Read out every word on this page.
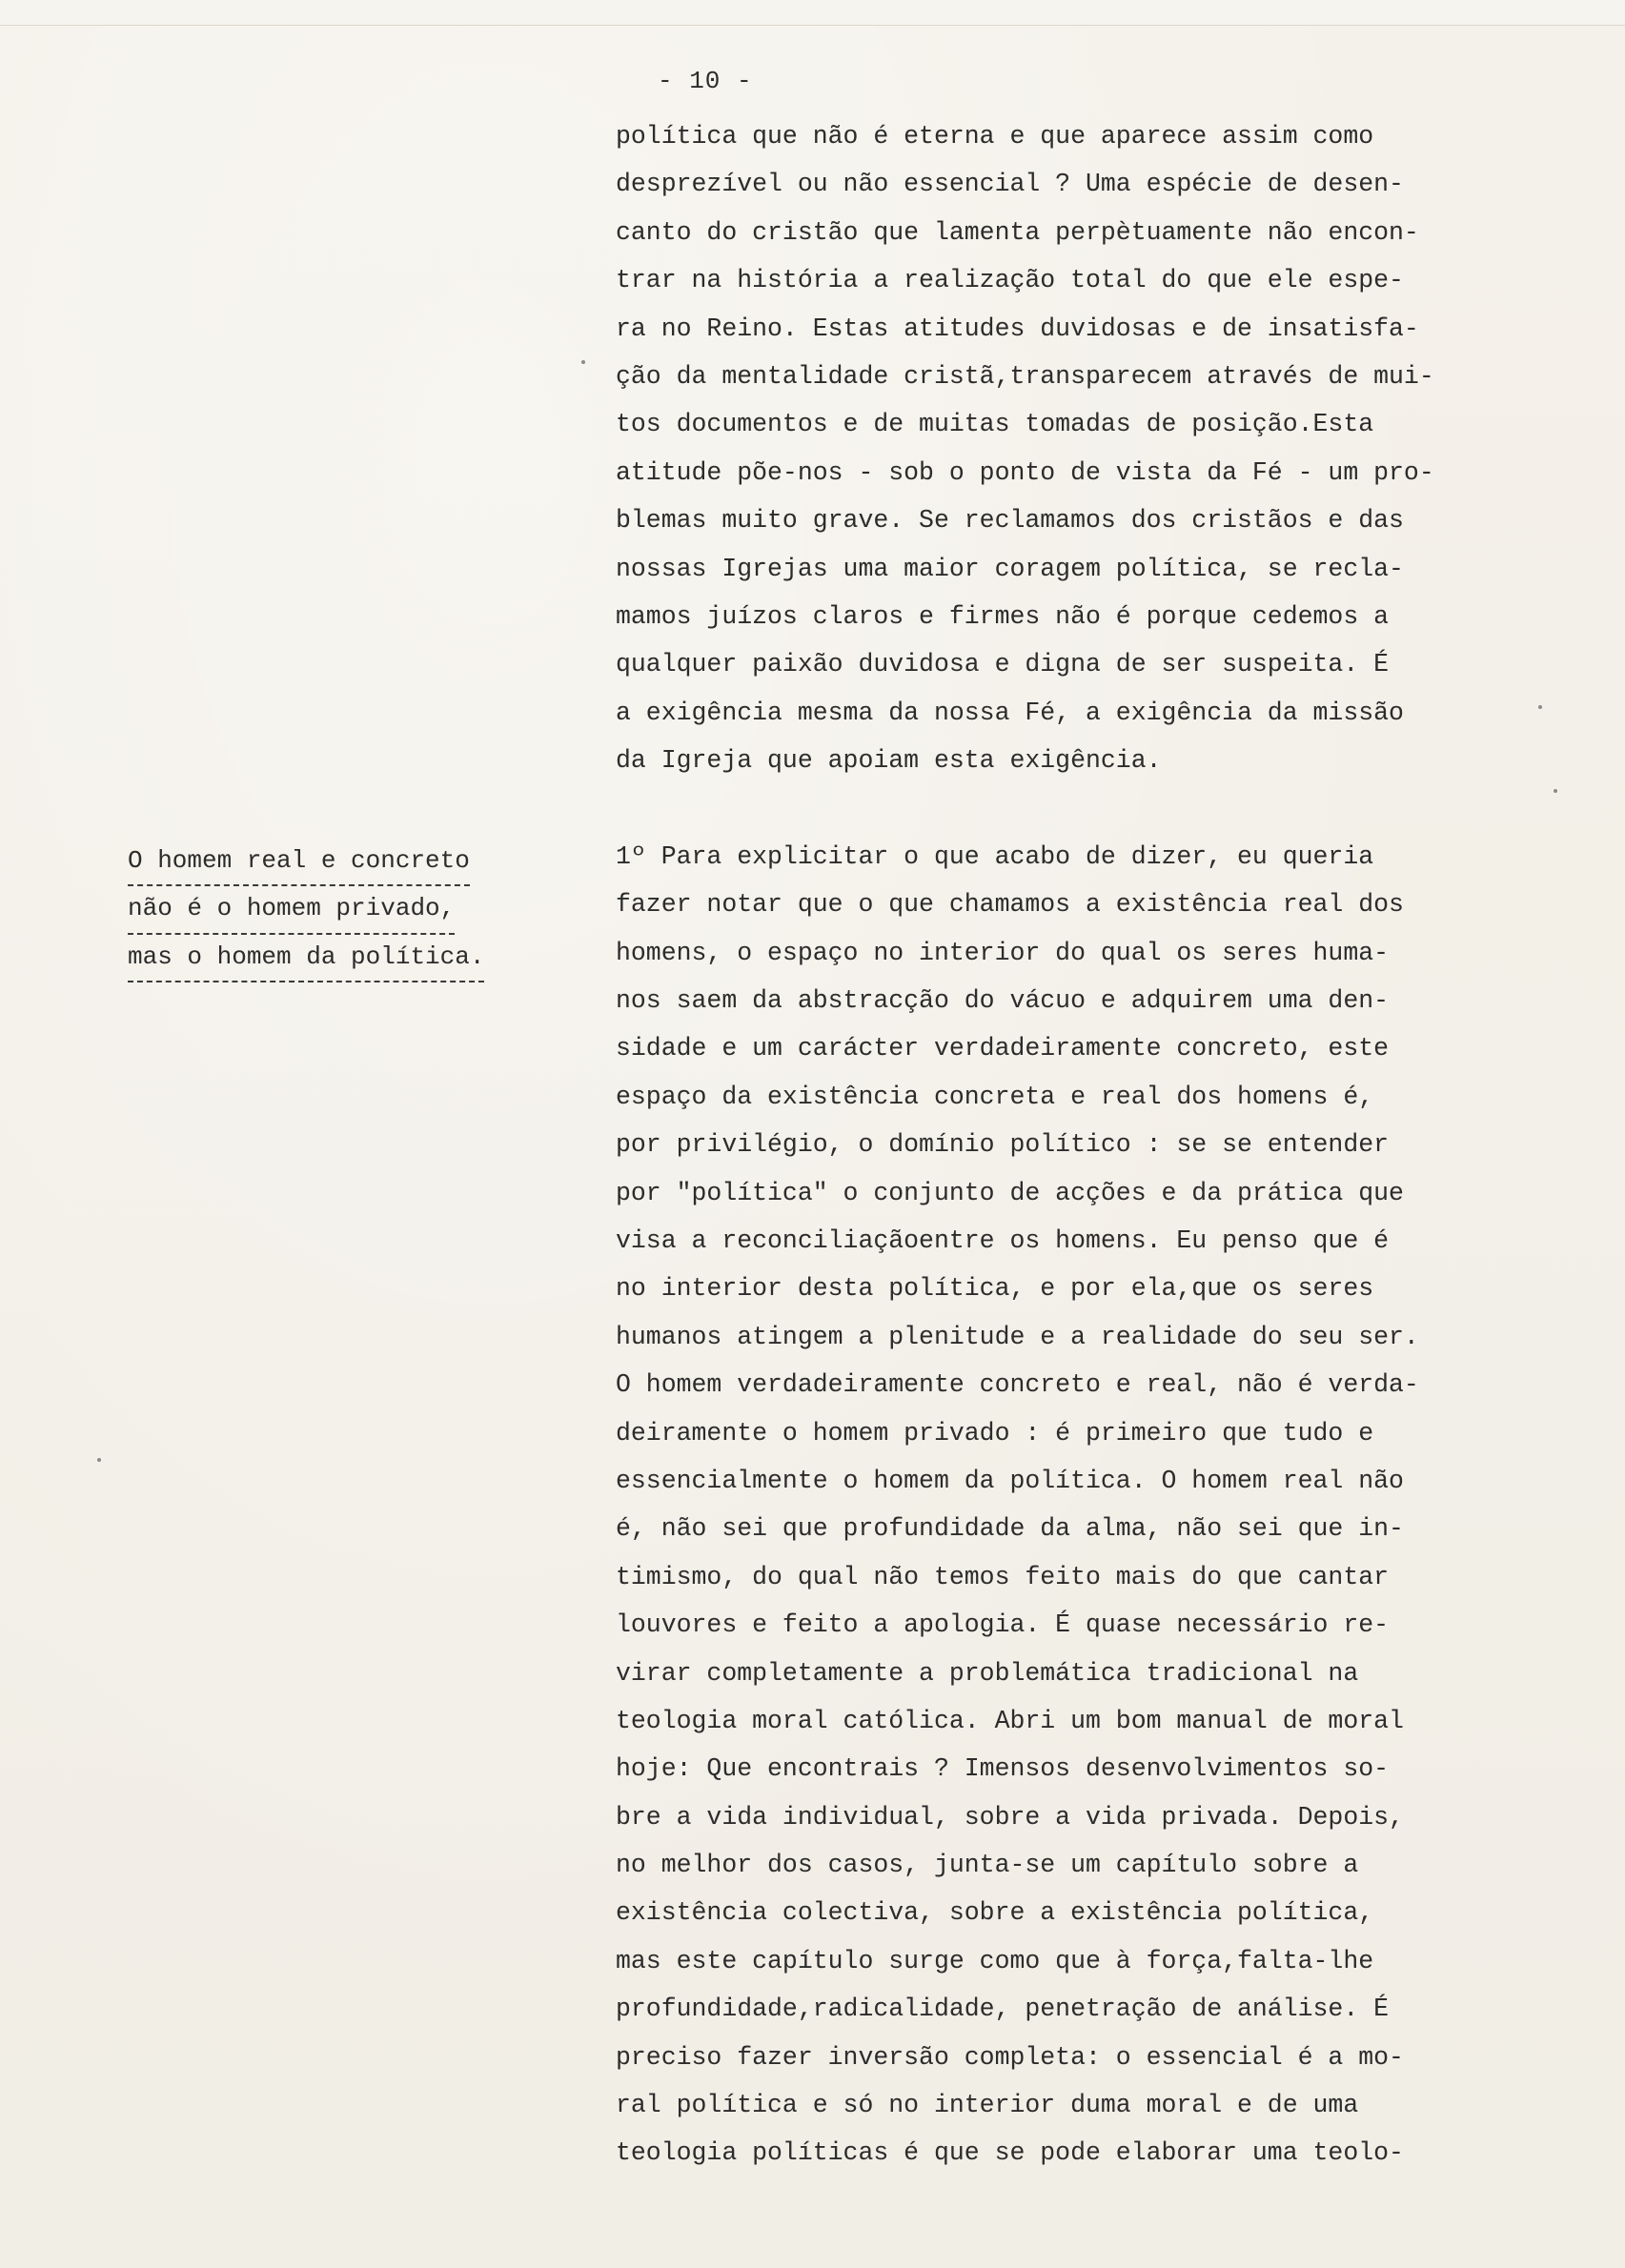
- 10 -
O homem real e concreto
não é o homem privado,
mas o homem da política.
política que não é eterna e que aparece assim como
desprezível ou não essencial ? Uma espécie de desen-
canto do cristão que lamenta perpètuamente não encon-
trar na história a realização total do que ele espe-
ra no Reino. Estas atitudes duvidosas e de insatisfa-
ção da mentalidade cristã,transparecem através de mui-
tos documentos e de muitas tomadas de posição.Esta
atitude põe-nos - sob o ponto de vista da Fé - um pro-
blemas muito grave. Se reclamamos dos cristãos e das
nossas Igrejas uma maior coragem política, se recla-
mamos juízos claros e firmes não é porque cedemos a
qualquer paixão duvidosa e digna de ser suspeita. É
a exigência mesma da nossa Fé, a exigência da missão
da Igreja que apoiam esta exigência.
1º Para explicitar o que acabo de dizer, eu queria
fazer notar que o que chamamos a existência real dos
homens, o espaço no interior do qual os seres huma-
nos saem da abstracção do vácuo e adquirem uma den-
sidade e um carácter verdadeiramente concreto, este
espaço da existência concreta e real dos homens é,
por privilégio, o domínio político : se se entender
por "política" o conjunto de acções e da prática que
visa a reconciliaçãoentre os homens. Eu penso que é
no interior desta política, e por ela,que os seres
humanos atingem a plenitude e a realidade do seu ser.
O homem verdadeiramente concreto e real, não é verda-
deiramente o homem privado : é primeiro que tudo e
essencialmente o homem da política. O homem real não
é, não sei que profundidade da alma, não sei que in-
timismo, do qual não temos feito mais do que cantar
louvores e feito a apologia. É quase necessário re-
virar completamente a problemática tradicional na
teologia moral católica. Abri um bom manual de moral
hoje: Que encontrais ? Imensos desenvolvimentos so-
bre a vida individual, sobre a vida privada. Depois,
no melhor dos casos, junta-se um capítulo sobre a
existência colectiva, sobre a existência política,
mas este capítulo surge como que à força,falta-lhe
profundidade,radicalidade, penetração de análise. É
preciso fazer inversão completa: o essencial é a mo-
ral política e só no interior duma moral e de uma
teologia políticas é que se pode elaborar uma teolo-
